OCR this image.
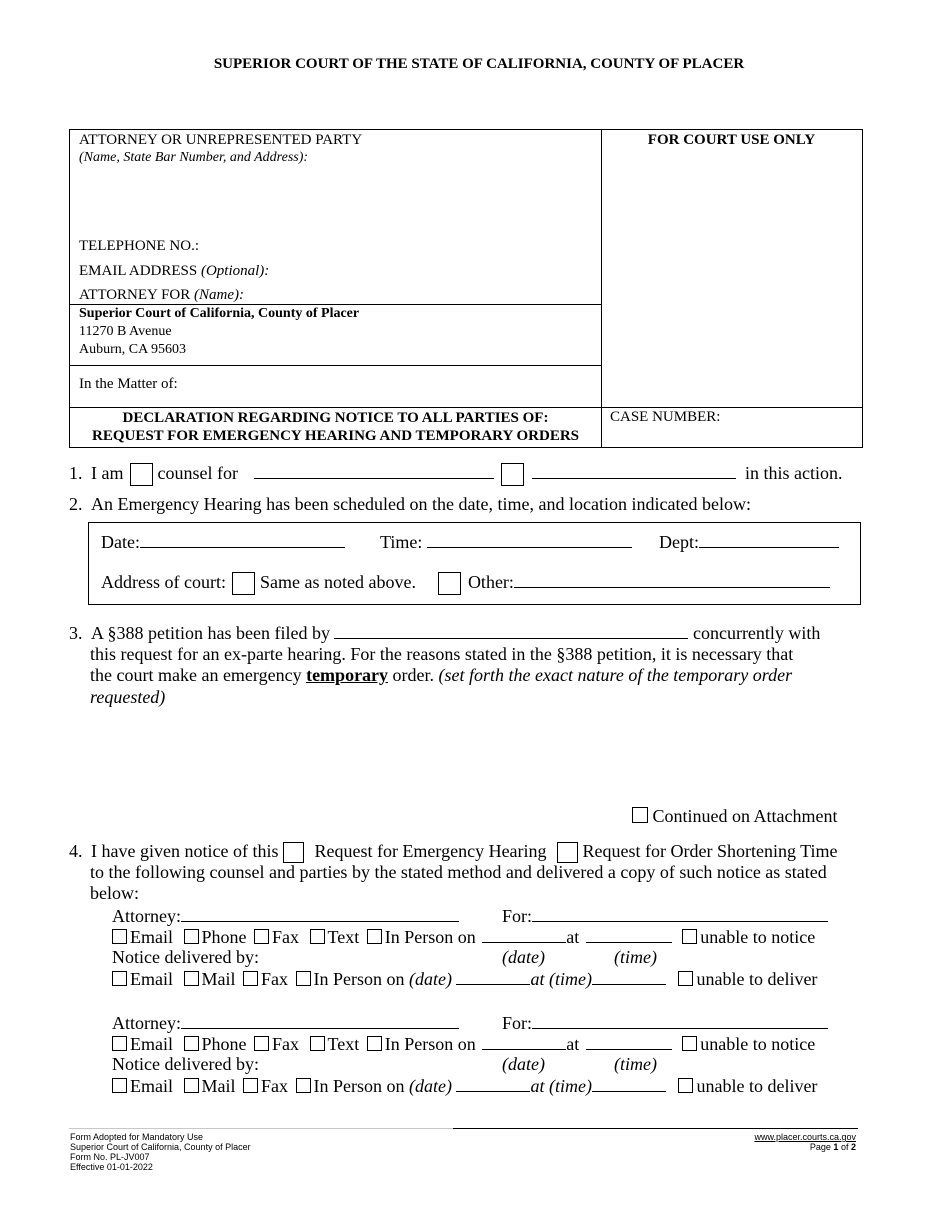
SUPERIOR COURT OF THE STATE OF CALIFORNIA, COUNTY OF PLACER
ATTORNEY OR UNREPRESENTED PARTY
(Name, State Bar Number, and Address):
TELEPHONE NO.:
EMAIL ADDRESS (Optional):
ATTORNEY FOR (Name):
Superior Court of California, County of Placer
11270 B Avenue
Auburn, CA 95603
In the Matter of:
FOR COURT USE ONLY
DECLARATION REGARDING NOTICE TO ALL PARTIES OF:
REQUEST FOR EMERGENCY HEARING AND TEMPORARY ORDERS
CASE NUMBER:
1. I am counsel for	in this action.
2. An Emergency Hearing has been scheduled on the date, time, and location indicated below:
Date:	Time:	Dept:
Address of court: Same as noted above.	Other:
3. A §388 petition has been filed by	concurrently with
this request for an ex-parte hearing. For the reasons stated in the §388 petition, it is necessary that
the court make an emergency temporary order. (set forth the exact nature of the temporary order
requested)
Continued on Attachment
4. I have given notice of this Request for Emergency Hearing Request for Order Shortening Time
to the following counsel and parties by the stated method and delivered a copy of such notice as stated
below:
Attorney:	For:
Email Phone Fax Text In Person on	at	unable to notice
Notice delivered by:	(date)	(time)
Email Mail Fax In Person on (date)	at (time)	unable to deliver
Attorney:	For:
Email Phone Fax Text In Person on	at	unable to notice
Notice delivered by:	(date)	(time)
Email Mail Fax In Person on (date)	at (time)	unable to deliver
Form Adopted for Mandatory Use
Superior Court of California, County of Placer
Form No. PL-JV007
Effective 01-01-2022
www.placer.courts.ca.gov
Page 1 of 2
